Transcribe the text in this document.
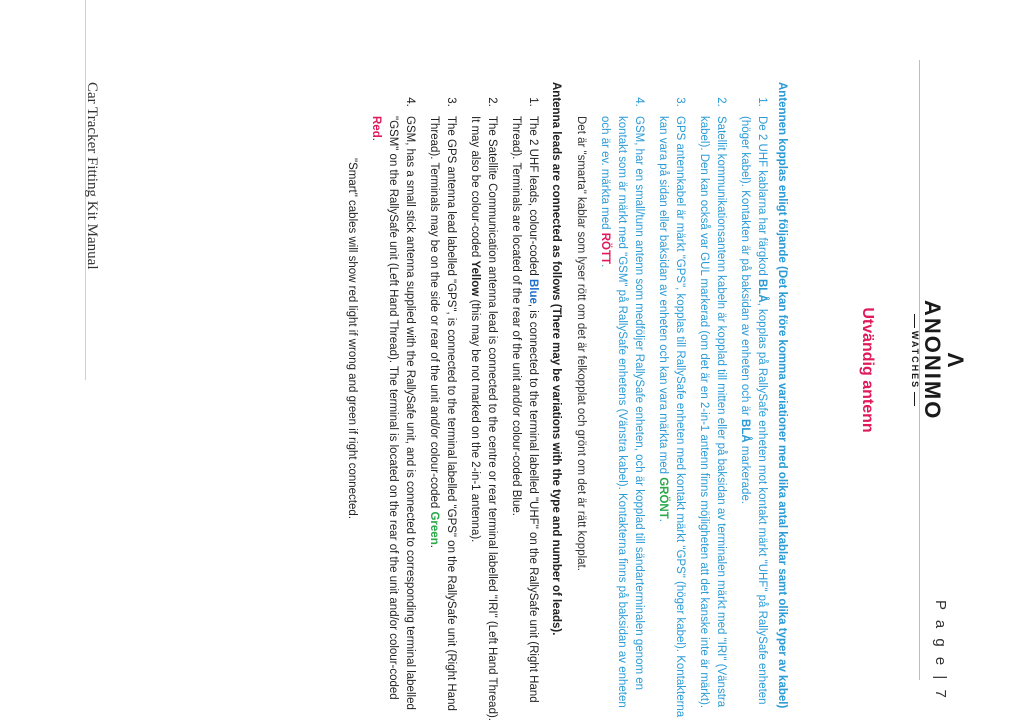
Λ
ANONIMO
WATCHES
P a g e | 7
Utvändig antenn
Antennen kopplas enligt följande (Det kan före komma variationer med olika antal kablar samt olika typer av kabel)
1. De 2 UHF kablarna har färgkod BLÅ, kopplas på RallySafe enheten mot kontakt märkt "UHF" på RallySafe enheten (höger kabel). Kontakten är på baksidan av enheten och är BLÅ markerade.
2. Satellit kommunikationsantenn kabeln är kopplad till mitten eller på baksidan av terminalen märkt med "IRI" (Vänstra kabel). Den kan också var GUL markerad (om det är en 2-in-1 antenn finns möjligheten att det kanske inte är märkt).
3. GPS antennkabel är märkt "GPS", kopplas till RallySafe enheten med kontakt märkt "GPS" (höger kabel). Kontakterna kan vara på sidan eller baksidan av enheten och kan vara märkta med GRÖNT.
4. GSM, har en small/tunn antenn som medföljer RallySafe enheten, och är kopplad till sändarterminalen genom en kontakt som är märkt med "GSM" på RallySafe enhetens (Vänstra kabel). Kontakterna finns på baksidan av enheten och är ev. märkta med RÖTT.
Det är "smarta" kablar som lyser rött om det är felkopplat och grönt om det är rätt kopplat.
Antenna leads are connected as follows (There may be variations with the type and number of leads).
1. The 2 UHF leads, colour-coded Blue, is connected to the terminal labelled "UHF" on the RallySafe unit (Right Hand Thread). Terminals are located of the rear of the unit and/or colour-coded Blue.
2. The Satellite Communication antenna lead is connected to the centre or rear terminal labelled "IRI" (Left Hand Thread). It may also be colour-coded Yellow (this may be not marked on the 2-in-1 antenna).
3. The GPS antenna lead labelled "GPS", is connected to the terminal labelled "GPS" on the RallySafe unit (Right Hand Thread). Terminals may be on the side or rear of the unit and/or colour-coded Green.
4. GSM, has a small stick antenna supplied with the RallySafe unit, and is connected to corresponding terminal labelled "GSM" on the RallySafe unit (Left Hand Thread). The terminal is located on the rear of the unit and/or colour-coded Red.
"Smart" cables will show red light if wrong and green if right connected.
Car Tracker Fitting Kit Manual
